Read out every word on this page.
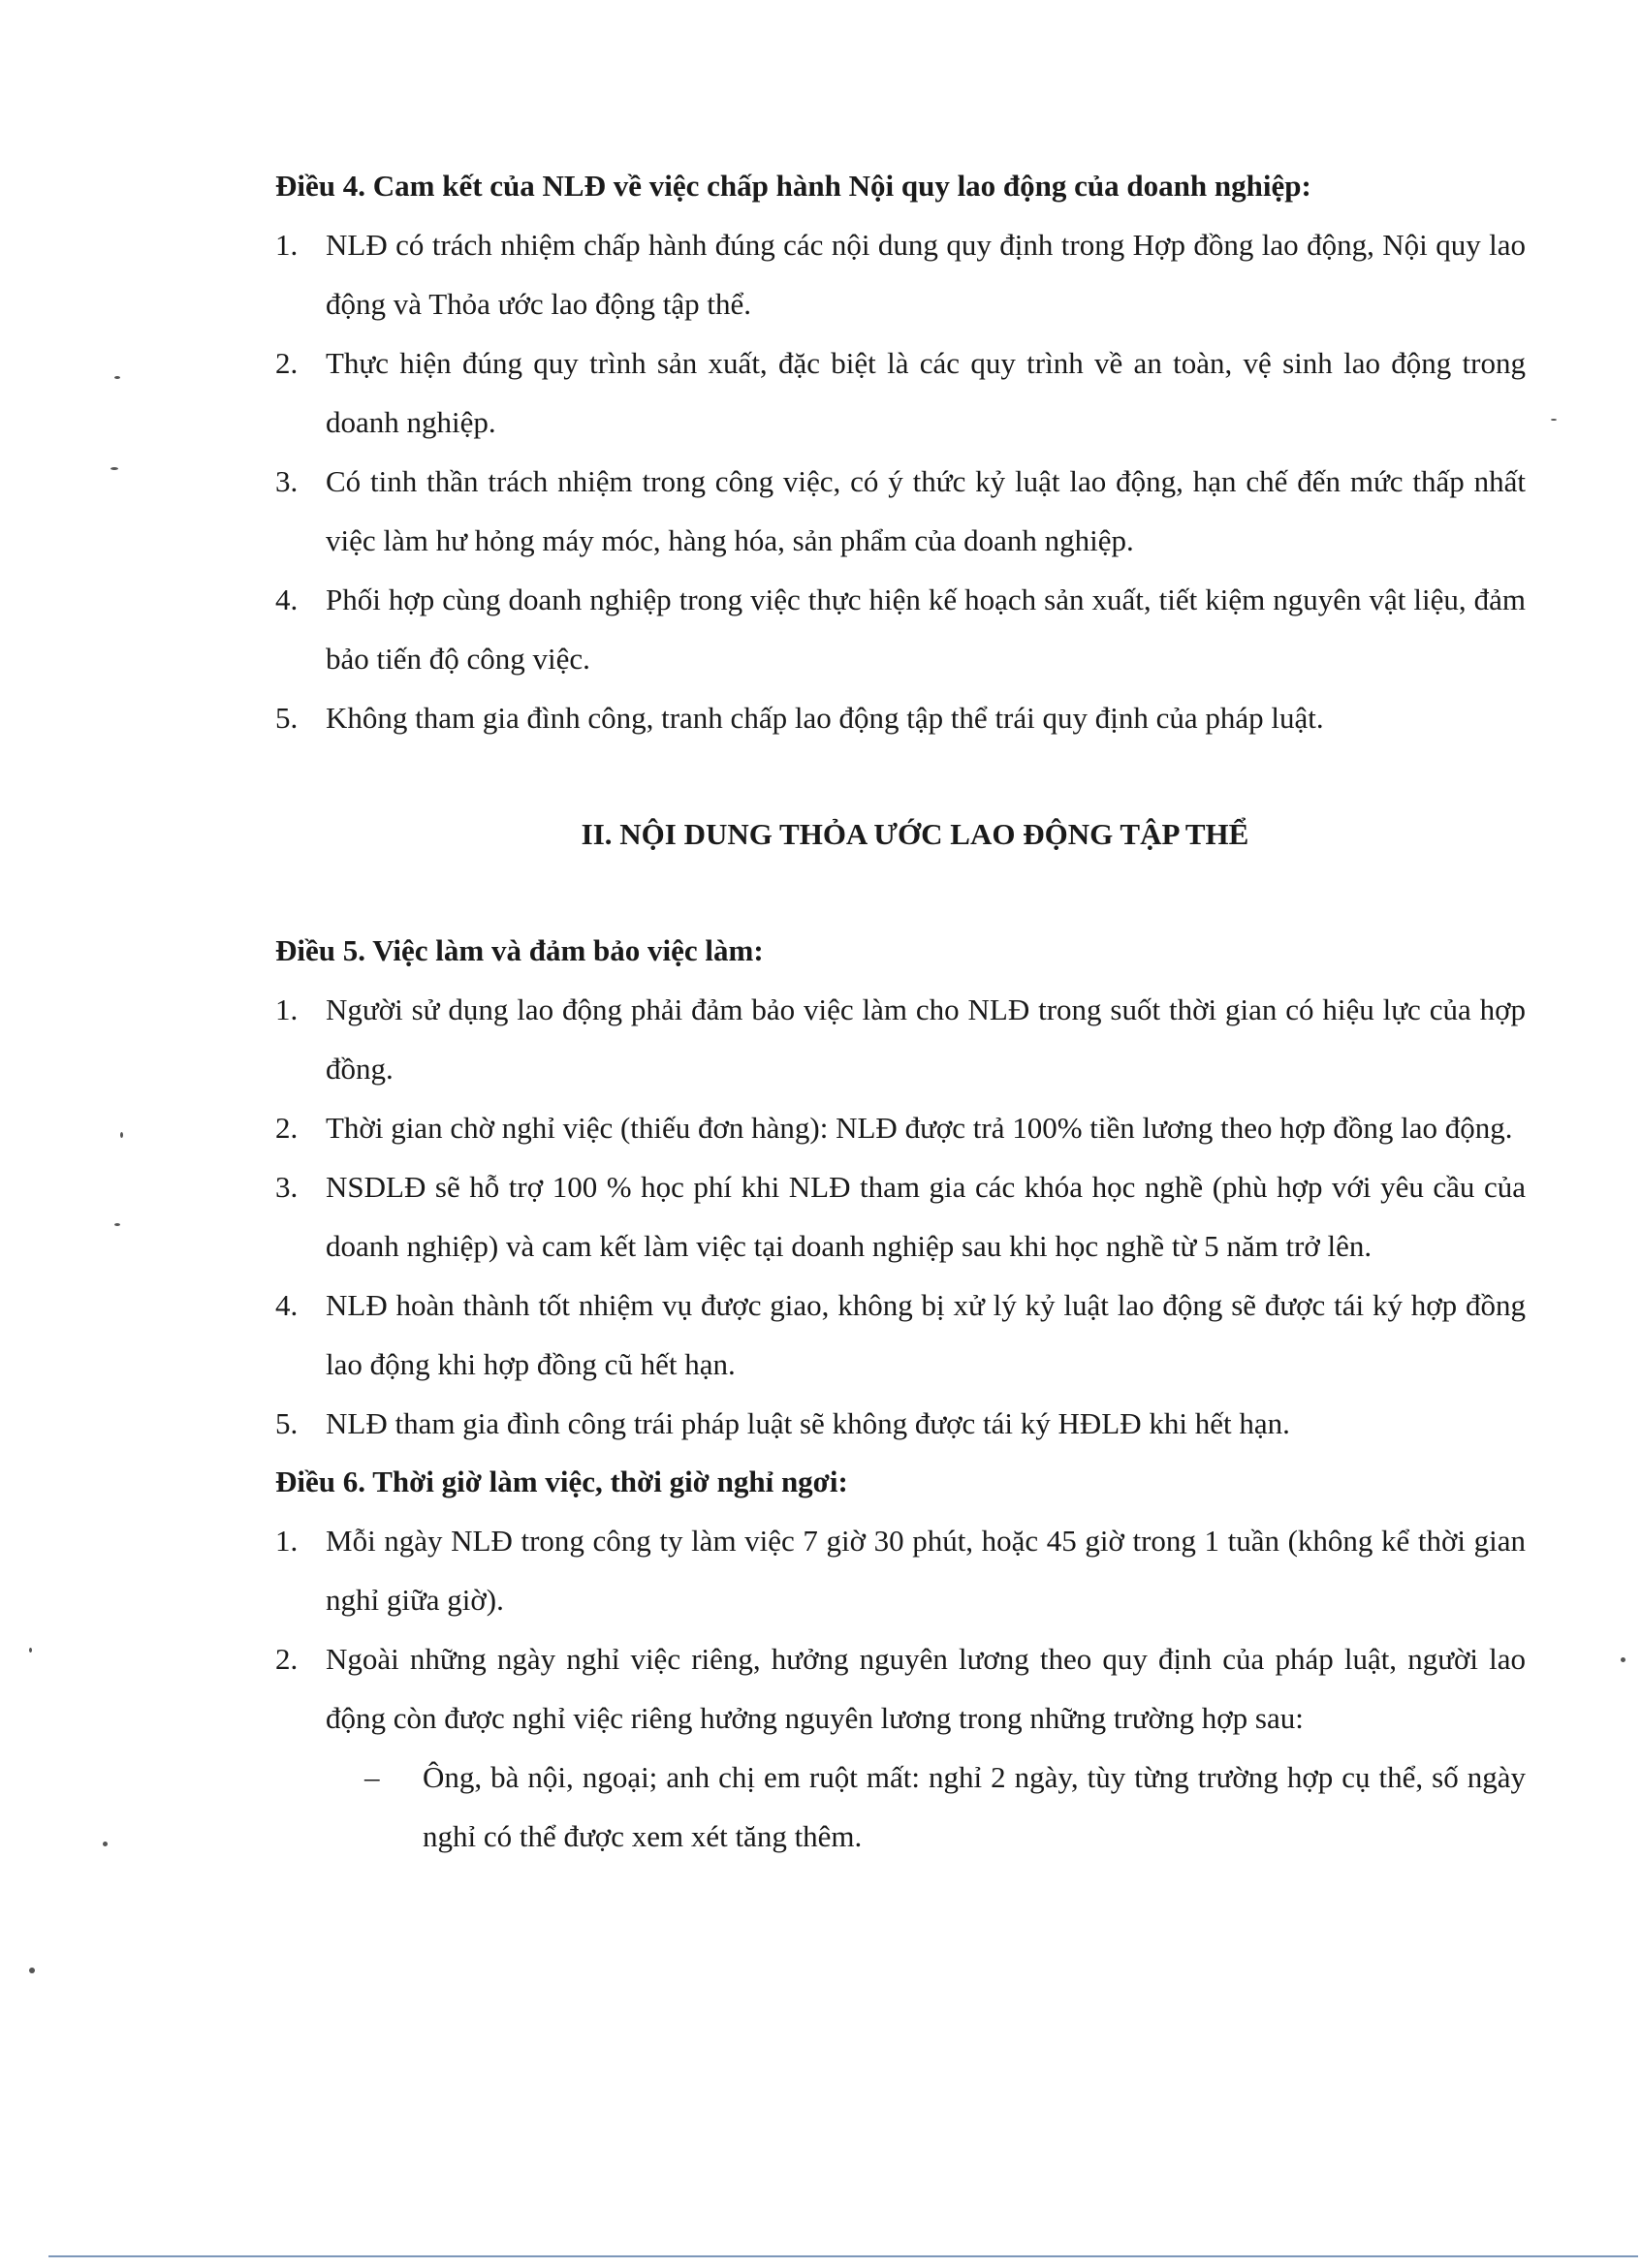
Điều 4. Cam kết của NLĐ về việc chấp hành Nội quy lao động của doanh nghiệp:

1. NLĐ có trách nhiệm chấp hành đúng các nội dung quy định trong Hợp đồng lao động, Nội quy lao động và Thỏa ước lao động tập thể.
2. Thực hiện đúng quy trình sản xuất, đặc biệt là các quy trình về an toàn, vệ sinh lao động trong doanh nghiệp.
3. Có tinh thần trách nhiệm trong công việc, có ý thức kỷ luật lao động, hạn chế đến mức thấp nhất việc làm hư hỏng máy móc, hàng hóa, sản phẩm của doanh nghiệp.
4. Phối hợp cùng doanh nghiệp trong việc thực hiện kế hoạch sản xuất, tiết kiệm nguyên vật liệu, đảm bảo tiến độ công việc.
5. Không tham gia đình công, tranh chấp lao động tập thể trái quy định của pháp luật.

II. NỘI DUNG THỎA ƯỚC LAO ĐỘNG TẬP THỂ

Điều 5. Việc làm và đảm bảo việc làm:

1. Người sử dụng lao động phải đảm bảo việc làm cho NLĐ trong suốt thời gian có hiệu lực của hợp đồng.
2. Thời gian chờ nghỉ việc (thiếu đơn hàng): NLĐ được trả 100% tiền lương theo hợp đồng lao động.
3. NSDLĐ sẽ hỗ trợ 100 % học phí khi NLĐ tham gia các khóa học nghề (phù hợp với yêu cầu của doanh nghiệp) và cam kết làm việc tại doanh nghiệp sau khi học nghề từ 5 năm trở lên.
4. NLĐ hoàn thành tốt nhiệm vụ được giao, không bị xử lý kỷ luật lao động sẽ được tái ký hợp đồng lao động khi hợp đồng cũ hết hạn.
5. NLĐ tham gia đình công trái pháp luật sẽ không được tái ký HĐLĐ khi hết hạn.

Điều 6. Thời giờ làm việc, thời giờ nghỉ ngơi:

1. Mỗi ngày NLĐ trong công ty làm việc 7 giờ 30 phút, hoặc 45 giờ trong 1 tuần (không kể thời gian nghỉ giữa giờ).
2. Ngoài những ngày nghỉ việc riêng, hưởng nguyên lương theo quy định của pháp luật, người lao động còn được nghỉ việc riêng hưởng nguyên lương trong những trường hợp sau:
– Ông, bà nội, ngoại; anh chị em ruột mất: nghỉ 2 ngày, tùy từng trường hợp cụ thể, số ngày nghỉ có thể được xem xét tăng thêm.
